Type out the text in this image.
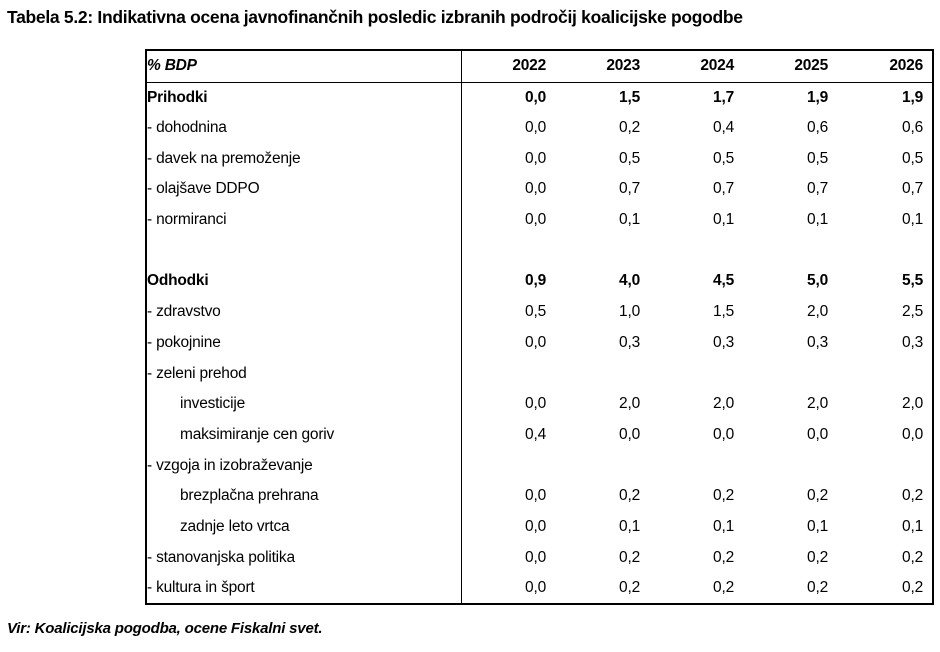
Tabela 5.2: Indikativna ocena javnofinančnih posledic izbranih področij koalicijske pogodbe
% BDP	2022	2023	2024	2025	2026
Prihodki	0,0	1,5	1,7	1,9	1,9
- dohodnina	0,0	0,2	0,4	0,6	0,6
- davek na premoženje	0,0	0,5	0,5	0,5	0,5
- olajšave DDPO	0,0	0,7	0,7	0,7	0,7
- normiranci	0,0	0,1	0,1	0,1	0,1

Odhodki	0,9	4,0	4,5	5,0	5,5
- zdravstvo	0,5	1,0	1,5	2,0	2,5
- pokojnine	0,0	0,3	0,3	0,3	0,3
- zeleni prehod					
investicije	0,0	2,0	2,0	2,0	2,0
maksimiranje cen goriv	0,4	0,0	0,0	0,0	0,0
- vzgoja in izobraževanje					
brezplačna prehrana	0,0	0,2	0,2	0,2	0,2
zadnje leto vrtca	0,0	0,1	0,1	0,1	0,1
- stanovanjska politika	0,0	0,2	0,2	0,2	0,2
- kultura in šport	0,0	0,2	0,2	0,2	0,2

Vir: Koalicijska pogodba, ocene Fiskalni svet.
